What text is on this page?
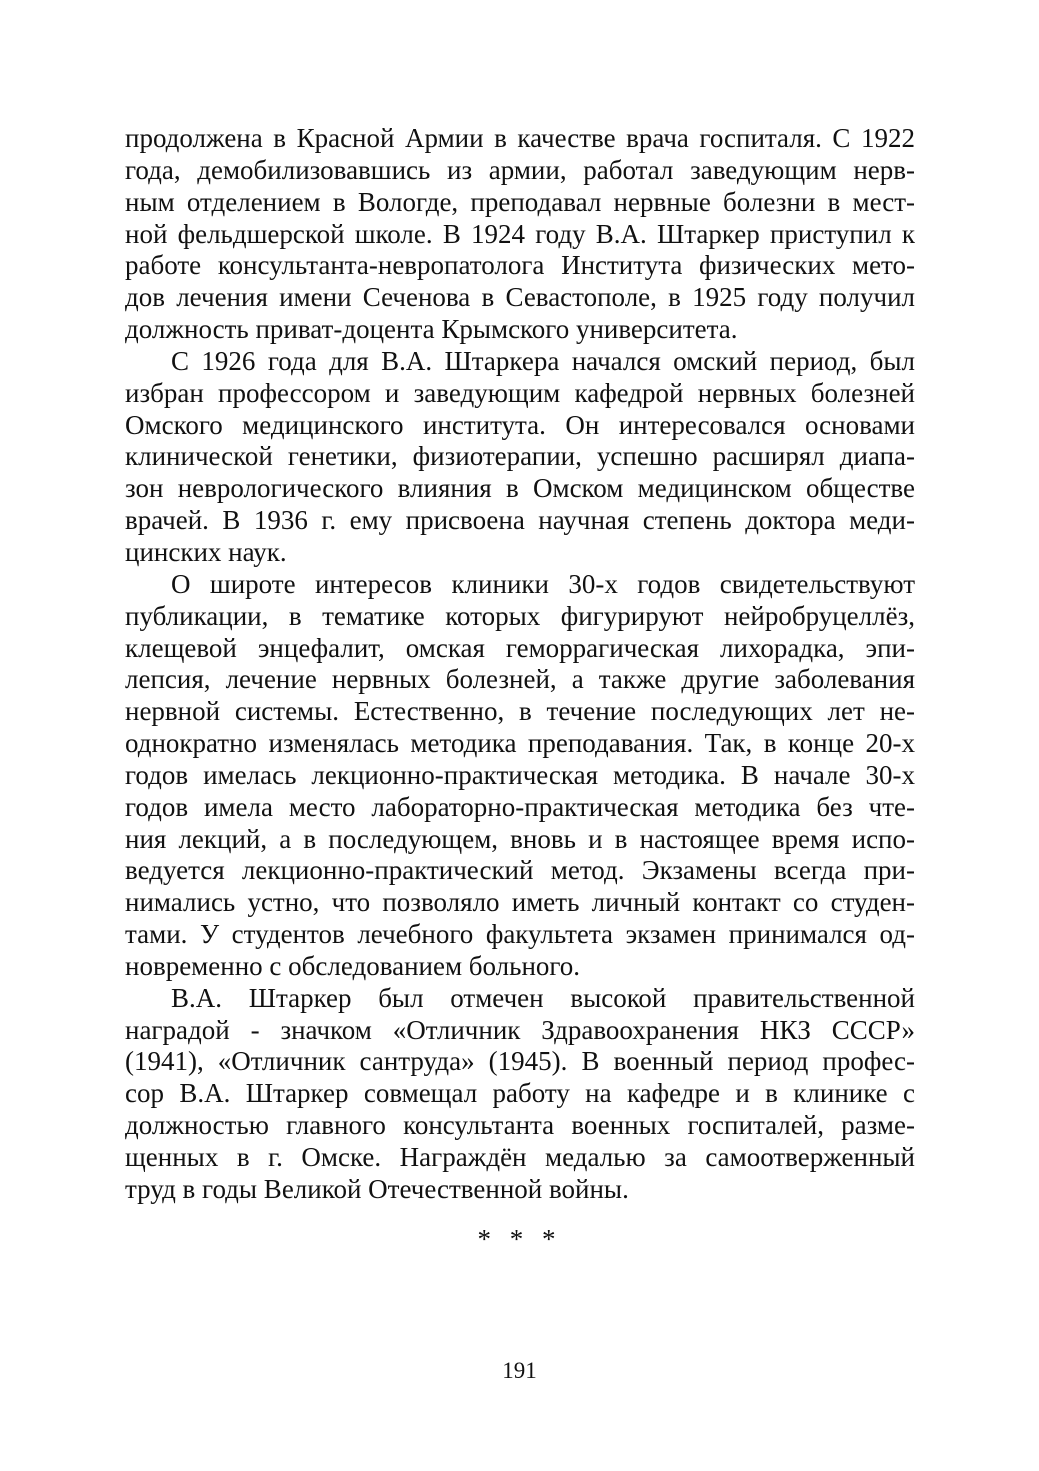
продолжена в Красной Армии в качестве врача госпиталя. С 1922
года, демобилизовавшись из армии, работал заведующим нерв-
ным отделением в Вологде, преподавал нервные болезни в мест-
ной фельдшерской школе. В 1924 году В.А. Штаркер приступил к
работе консультанта-невропатолога Института физических мето-
дов лечения имени Сеченова в Севастополе, в 1925 году получил
должность приват-доцента Крымского университета.
С 1926 года для В.А. Штаркера начался омский период, был
избран профессором и заведующим кафедрой нервных болезней
Омского медицинского института. Он интересовался основами
клинической генетики, физиотерапии, успешно расширял диапа-
зон неврологического влияния в Омском медицинском обществе
врачей. В 1936 г. ему присвоена научная степень доктора меди-
цинских наук.
О широте интересов клиники 30-х годов свидетельствуют
публикации, в тематике которых фигурируют нейробруцеллёз,
клещевой энцефалит, омская геморрагическая лихорадка, эпи-
лепсия, лечение нервных болезней, а также другие заболевания
нервной системы. Естественно, в течение последующих лет не-
однократно изменялась методика преподавания. Так, в конце 20-х
годов имелась лекционно-практическая методика. В начале 30-х
годов имела место лабораторно-практическая методика без чте-
ния лекций, а в последующем, вновь и в настоящее время испо-
ведуется лекционно-практический метод. Экзамены всегда при-
нимались устно, что позволяло иметь личный контакт со студен-
тами. У студентов лечебного факультета экзамен принимался од-
новременно с обследованием больного.
В.А. Штаркер был отмечен высокой правительственной
наградой - значком «Отличник Здравоохранения НКЗ СССР»
(1941), «Отличник сантруда» (1945). В военный период профес-
сор В.А. Штаркер совмещал работу на кафедре и в клинике с
должностью главного консультанта военных госпиталей, разме-
щенных в г. Омске. Награждён медалью за самоотверженный
труд в годы Великой Отечественной войны.
* * *
191
